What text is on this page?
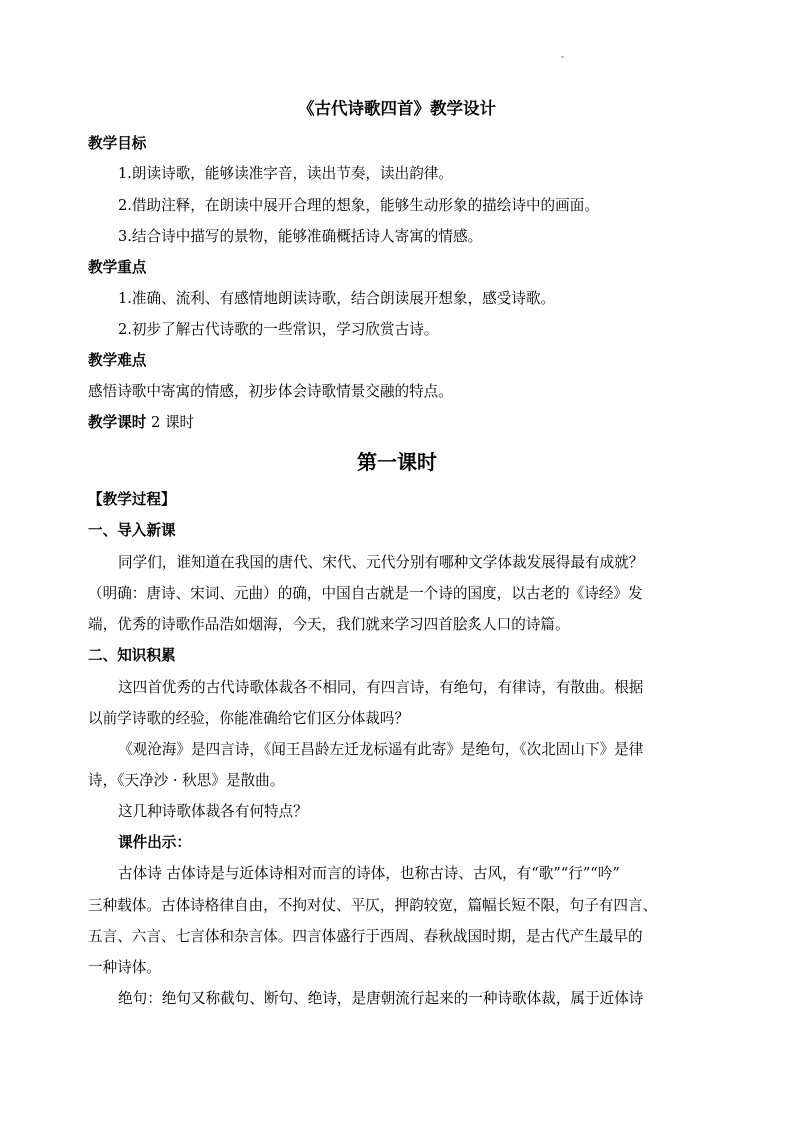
《古代诗歌四首》教学设计
教学目标
1.朗读诗歌，能够读准字音，读出节奏，读出韵律。
2.借助注释，在朗读中展开合理的想象，能够生动形象的描绘诗中的画面。
3.结合诗中描写的景物，能够准确概括诗人寄寓的情感。
教学重点
1.准确、流利、有感情地朗读诗歌，结合朗读展开想象，感受诗歌。
2.初步了解古代诗歌的一些常识，学习欣赏古诗。
教学难点
感悟诗歌中寄寓的情感，初步体会诗歌情景交融的特点。
教学课时 2 课时
第一课时
【教学过程】
一、导入新课
同学们，谁知道在我国的唐代、宋代、元代分别有哪种文学体裁发展得最有成就？
（明确：唐诗、宋词、元曲）的确，中国自古就是一个诗的国度，以古老的《诗经》发
端，优秀的诗歌作品浩如烟海，今天，我们就来学习四首脍炙人口的诗篇。
二、知识积累
这四首优秀的古代诗歌体裁各不相同，有四言诗，有绝句，有律诗，有散曲。根据
以前学诗歌的经验，你能准确给它们区分体裁吗？
《观沧海》是四言诗，《闻王昌龄左迁龙标遥有此寄》是绝句，《次北固山下》是律
诗，《天净沙 · 秋思》是散曲。
这几种诗歌体裁各有何特点？
课件出示：
古体诗 古体诗是与近体诗相对而言的诗体，也称古诗、古风，有“歌”“行”“吟”
三种载体。古体诗格律自由，不拘对仗、平仄，押韵较宽，篇幅长短不限，句子有四言、
五言、六言、七言体和杂言体。四言体盛行于西周、春秋战国时期，是古代产生最早的
一种诗体。
绝句：绝句又称截句、断句、绝诗，是唐朝流行起来的一种诗歌体裁，属于近体诗
